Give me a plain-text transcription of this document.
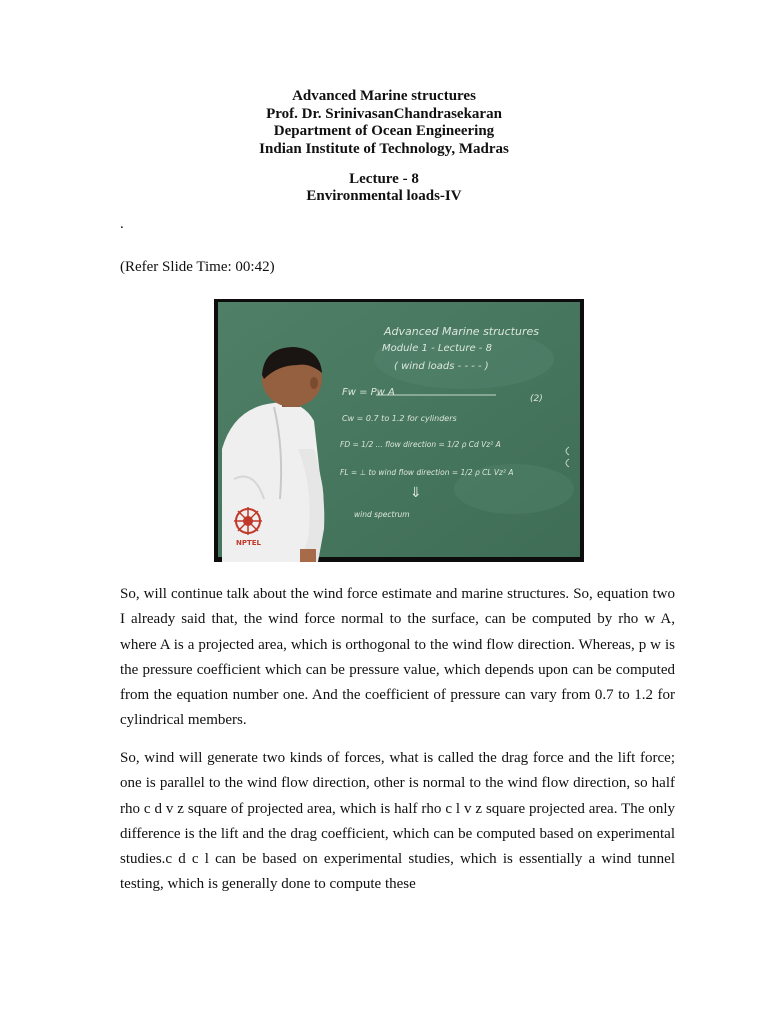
Advanced Marine structures
Prof. Dr. SrinivasanChandrasekaran
Department of Ocean Engineering
Indian Institute of Technology, Madras
Lecture - 8
Environmental loads-IV
.
(Refer Slide Time: 00:42)
Advanced Marine structures
Module 1 - Lecture - 8
( wind loads - - - - )
Fw = Pw A
(2)
Cw = 0.7 to 1.2 for cylinders
FD = 1/2 ... flow direction = 1/2 ρ Cd Vz² A
FL = ⊥ to wind flow direction = 1/2 ρ CL Vz² A
⇓
wind spectrum
NPTEL
So, will continue talk about the wind force estimate and marine structures. So, equation two I already said that, the wind force normal to the surface, can be computed by rho w A, where A is a projected area, which is orthogonal to the wind flow direction. Whereas, p w is the pressure coefficient which can be pressure value, which depends upon can be computed from the equation number one. And the coefficient of pressure can vary from 0.7 to 1.2 for cylindrical members.
So, wind will generate two kinds of forces, what is called the drag force and the lift force; one is parallel to the wind flow direction, other is normal to the wind flow direction, so half rho c d v z square of projected area, which is half rho c l v z square projected area. The only difference is the lift and the drag coefficient, which can be computed based on experimental studies.c d c l can be based on experimental studies, which is essentially a wind tunnel testing, which is generally done to compute these
